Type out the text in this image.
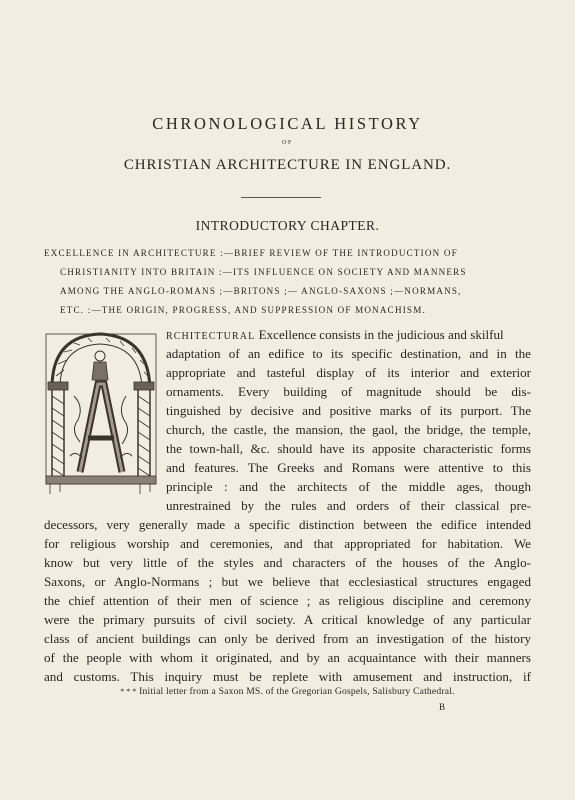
CHRONOLOGICAL HISTORY
OF
CHRISTIAN ARCHITECTURE IN ENGLAND.
INTRODUCTORY CHAPTER.
EXCELLENCE IN ARCHITECTURE :—BRIEF REVIEW OF THE INTRODUCTION OF
CHRISTIANITY INTO BRITAIN :—ITS INFLUENCE ON SOCIETY AND MANNERS
AMONG THE ANGLO-ROMANS ;—BRITONS ;— ANGLO-SAXONS ;—NORMANS,
ETC. :—THE ORIGIN, PROGRESS, AND SUPPRESSION OF MONACHISM.
RCHITECTURAL Excellence consists in the judicious and skilful
adaptation of an edifice to its specific destination, and in the
appropriate and tasteful display of its interior and exterior
ornaments. Every building of magnitude should be dis-
tinguished by decisive and positive marks of its purport. The
church, the castle, the mansion, the gaol, the bridge, the temple,
the town-hall, &c. should have its apposite characteristic forms
and features. The Greeks and Romans were attentive to this
principle : and the architects of the middle ages, though
unrestrained by the rules and orders of their classical pre-
decessors, very generally made a specific distinction between the edifice intended
for religious worship and ceremonies, and that appropriated for habitation. We
know but very little of the styles and characters of the houses of the Anglo-
Saxons, or Anglo-Normans ; but we believe that ecclesiastical structures engaged
the chief attention of their men of science ; as religious discipline and ceremony
were the primary pursuits of civil society. A critical knowledge of any particular
class of ancient buildings can only be derived from an investigation of the history
of the people with whom it originated, and by an acquaintance with their manners
and customs. This inquiry must be replete with amusement and instruction, if
* * * Initial letter from a Saxon MS. of the Gregorian Gospels, Salisbury Cathedral.
B
